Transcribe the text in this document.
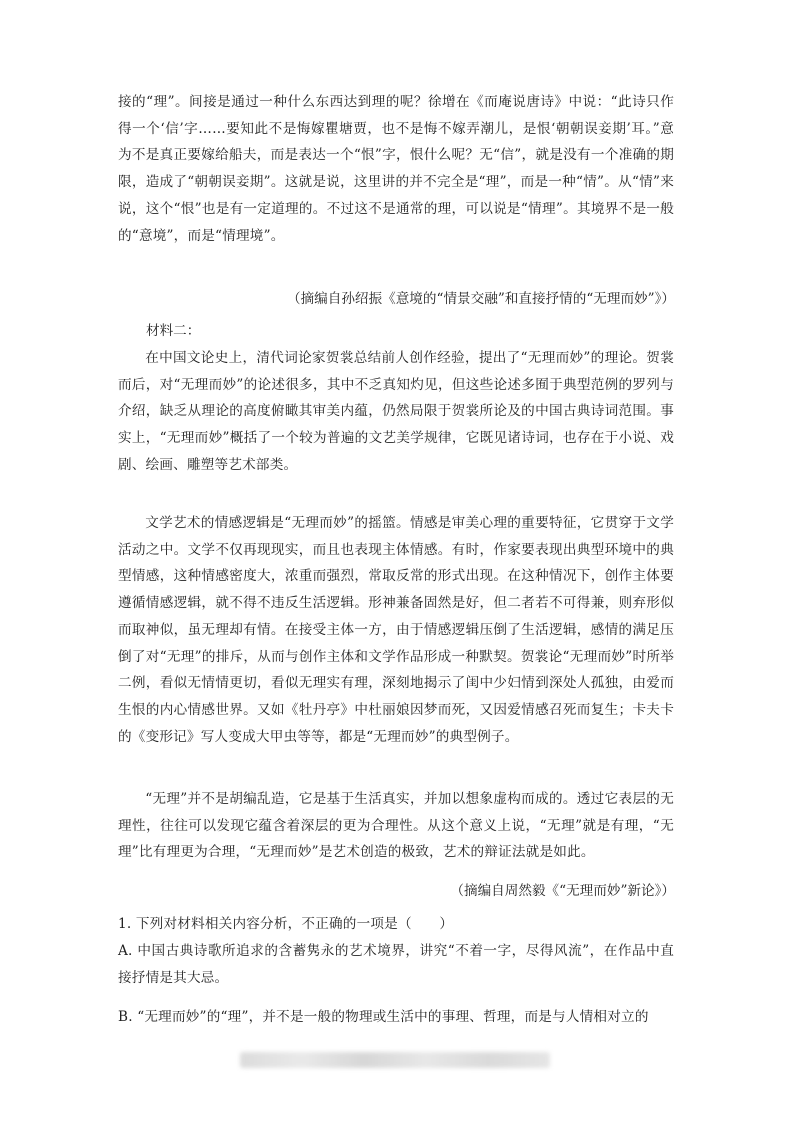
接的“理”。间接是通过一种什么东西达到理的呢？徐增在《而庵说唐诗》中说：“此诗只作得一个‘信’字……要知此不是悔嫁瞿塘贾，也不是悔不嫁弄潮儿，是恨‘朝朝误妾期’耳。”意为不是真正要嫁给船夫，而是表达一个“恨”字，恨什么呢？无“信”，就是没有一个准确的期限，造成了“朝朝误妾期”。这就是说，这里讲的并不完全是“理”，而是一种“情”。从“情”来说，这个“恨”也是有一定道理的。不过这不是通常的理，可以说是“情理”。其境界不是一般的“意境”，而是“情理境”。

（摘编自孙绍振《意境的“情景交融”和直接抒情的“无理而妙”》）
材料二：

在中国文论史上，清代词论家贺裳总结前人创作经验，提出了“无理而妙”的理论。贺裳而后，对“无理而妙”的论述很多，其中不乏真知灼见，但这些论述多囿于典型范例的罗列与介绍，缺乏从理论的高度俯瞰其审美内蕴，仍然局限于贺裳所论及的中国古典诗词范围。事实上，“无理而妙”概括了一个较为普遍的文艺美学规律，它既见诸诗词，也存在于小说、戏剧、绘画、雕塑等艺术部类。

文学艺术的情感逻辑是“无理而妙”的摇篮。情感是审美心理的重要特征，它贯穿于文学活动之中。文学不仅再现现实，而且也表现主体情感。有时，作家要表现出典型环境中的典型情感，这种情感密度大，浓重而强烈，常取反常的形式出现。在这种情况下，创作主体要遵循情感逻辑，就不得不违反生活逻辑。形神兼备固然是好，但二者若不可得兼，则弃形似而取神似，虽无理却有情。在接受主体一方，由于情感逻辑压倒了生活逻辑，感情的满足压倒了对“无理”的排斥，从而与创作主体和文学作品形成一种默契。贺裳论“无理而妙”时所举二例，看似无情情更切，看似无理实有理，深刻地揭示了闺中少妇情到深处人孤独，由爱而生恨的内心情感世界。又如《牡丹亭》中杜丽娘因梦而死，又因爱情感召死而复生；卡夫卡的《变形记》写人变成大甲虫等等，都是“无理而妙”的典型例子。

“无理”并不是胡编乱造，它是基于生活真实，并加以想象虚构而成的。透过它表层的无理性，往往可以发现它蕴含着深层的更为合理性。从这个意义上说，“无理”就是有理，“无理”比有理更为合理，“无理而妙”是艺术创造的极致，艺术的辩证法就是如此。

（摘编自周然毅《“无理而妙”新论》）

1. 下列对材料相关内容分析，不正确的一项是（　　）

A. 中国古典诗歌所追求的含蓄隽永的艺术境界，讲究“不着一字，尽得风流”，在作品中直接抒情是其大忌。

B. “无理而妙”的“理”，并不是一般的物理或生活中的事理、哲理，而是与人情相对立的
